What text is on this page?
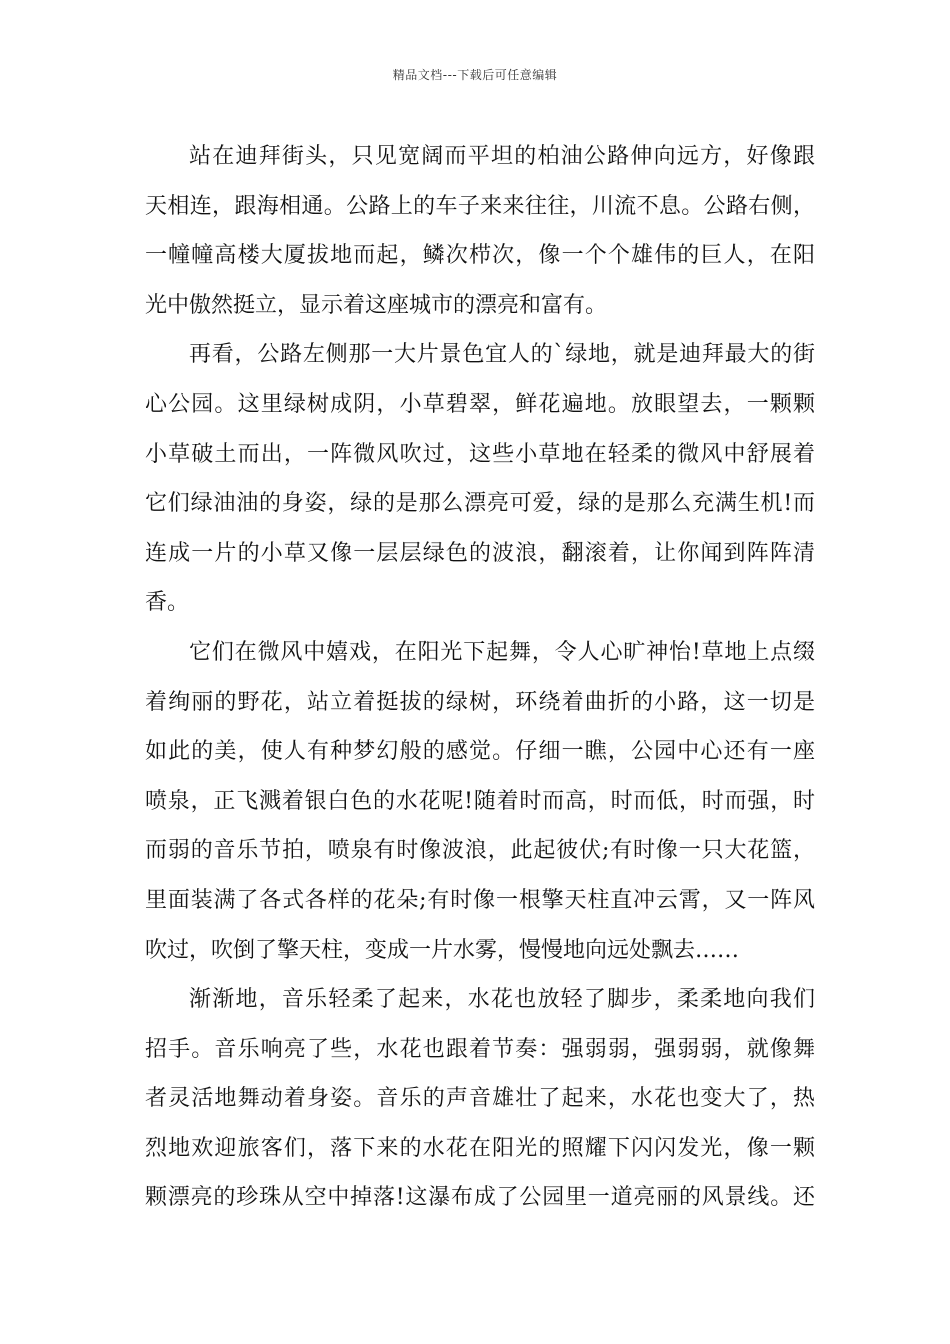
精品文档---下载后可任意编辑
站在迪拜街头，只见宽阔而平坦的柏油公路伸向远方，好像跟
天相连，跟海相通。公路上的车子来来往往，川流不息。公路右侧，
一幢幢高楼大厦拔地而起，鳞次栉次，像一个个雄伟的巨人，在阳
光中傲然挺立，显示着这座城市的漂亮和富有。
再看，公路左侧那一大片景色宜人的`绿地，就是迪拜最大的街
心公园。这里绿树成阴，小草碧翠，鲜花遍地。放眼望去，一颗颗
小草破土而出，一阵微风吹过，这些小草地在轻柔的微风中舒展着
它们绿油油的身姿，绿的是那么漂亮可爱，绿的是那么充满生机!而
连成一片的小草又像一层层绿色的波浪，翻滚着，让你闻到阵阵清
香。
它们在微风中嬉戏，在阳光下起舞，令人心旷神怡!草地上点缀
着绚丽的野花，站立着挺拔的绿树，环绕着曲折的小路，这一切是
如此的美，使人有种梦幻般的感觉。仔细一瞧，公园中心还有一座
喷泉，正飞溅着银白色的水花呢!随着时而高，时而低，时而强，时
而弱的音乐节拍，喷泉有时像波浪，此起彼伏;有时像一只大花篮，
里面装满了各式各样的花朵;有时像一根擎天柱直冲云霄，又一阵风
吹过，吹倒了擎天柱，变成一片水雾，慢慢地向远处飘去……
渐渐地，音乐轻柔了起来，水花也放轻了脚步，柔柔地向我们
招手。音乐响亮了些，水花也跟着节奏：强弱弱，强弱弱，就像舞
者灵活地舞动着身姿。音乐的声音雄壮了起来，水花也变大了，热
烈地欢迎旅客们，落下来的水花在阳光的照耀下闪闪发光，像一颗
颗漂亮的珍珠从空中掉落!这瀑布成了公园里一道亮丽的风景线。还
